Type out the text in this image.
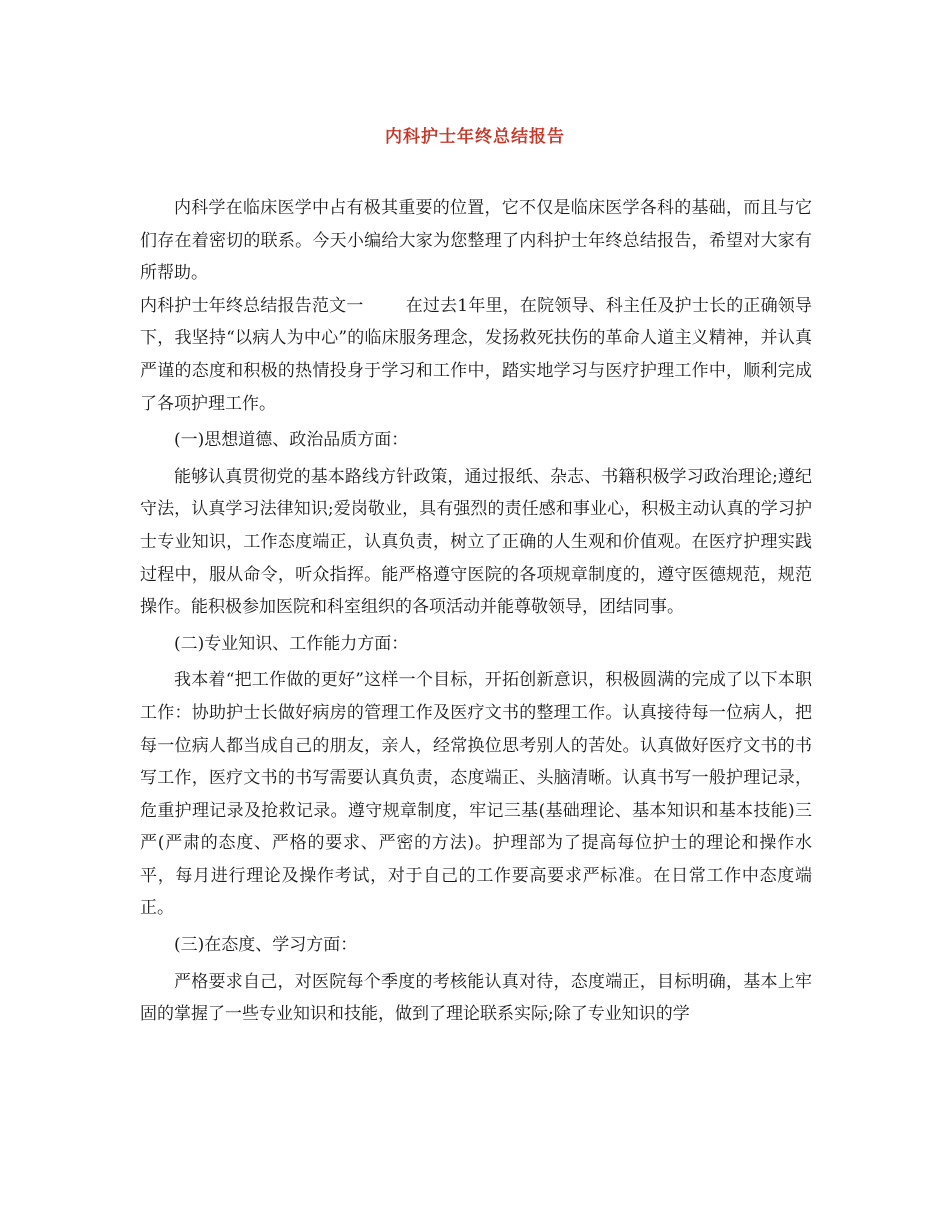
内科护士年终总结报告

内科学在临床医学中占有极其重要的位置，它不仅是临床医学各科的基础，而且与它们存在着密切的联系。今天小编给大家为您整理了内科护士年终总结报告，希望对大家有所帮助。

内科护士年终总结报告范文一 在过去1年里，在院领导、科主任及护士长的正确领导下，我坚持“以病人为中心”的临床服务理念，发扬救死扶伤的革命人道主义精神，并认真严谨的态度和积极的热情投身于学习和工作中，踏实地学习与医疗护理工作中，顺利完成了各项护理工作。

(一)思想道德、政治品质方面：

能够认真贯彻党的基本路线方针政策，通过报纸、杂志、书籍积极学习政治理论;遵纪守法，认真学习法律知识;爱岗敬业，具有强烈的责任感和事业心，积极主动认真的学习护士专业知识，工作态度端正，认真负责，树立了正确的人生观和价值观。在医疗护理实践过程中，服从命令，听众指挥。能严格遵守医院的各项规章制度的，遵守医德规范，规范操作。能积极参加医院和科室组织的各项活动并能尊敬领导，团结同事。

(二)专业知识、工作能力方面：

我本着“把工作做的更好”这样一个目标，开拓创新意识，积极圆满的完成了以下本职工作：协助护士长做好病房的管理工作及医疗文书的整理工作。认真接待每一位病人，把每一位病人都当成自己的朋友，亲人，经常换位思考别人的苦处。认真做好医疗文书的书写工作，医疗文书的书写需要认真负责，态度端正、头脑清晰。认真书写一般护理记录，危重护理记录及抢救记录。遵守规章制度，牢记三基(基础理论、基本知识和基本技能)三严(严肃的态度、严格的要求、严密的方法)。护理部为了提高每位护士的理论和操作水平，每月进行理论及操作考试，对于自己的工作要高要求严标准。在日常工作中态度端正。

(三)在态度、学习方面：

严格要求自己，对医院每个季度的考核能认真对待，态度端正，目标明确，基本上牢固的掌握了一些专业知识和技能，做到了理论联系实际;除了专业知识的学
